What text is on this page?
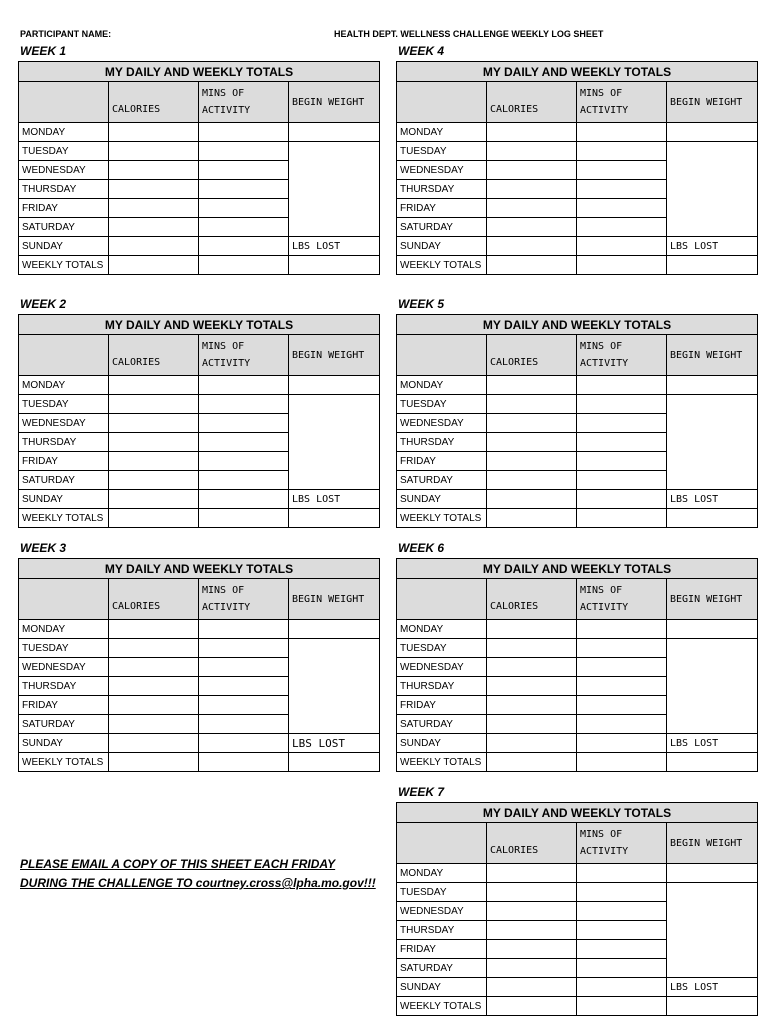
PARTICIPANT NAME:	HEALTH DEPT. WELLNESS CHALLENGE WEEKLY LOG SHEET
WEEK 1	WEEK 4
WEEK 2	WEEK 5
WEEK 3	WEEK 6
WEEK 7
MY DAILY AND WEEKLY TOTALS			
	CALORIES	MINS OF ACTIVITY	BEGIN WEIGHT
MONDAY			
TUESDAY			
WEDNESDAY			
THURSDAY			
FRIDAY			
SATURDAY			
SUNDAY			LBS LOST
WEEKLY TOTALS			
MY DAILY AND WEEKLY TOTALS			
	CALORIES	MINS OF ACTIVITY	BEGIN WEIGHT
MONDAY			
TUESDAY			
WEDNESDAY			
THURSDAY			
FRIDAY			
SATURDAY			
SUNDAY			LBS LOST
WEEKLY TOTALS			
MY DAILY AND WEEKLY TOTALS			
	CALORIES	MINS OF ACTIVITY	BEGIN WEIGHT
MONDAY			
TUESDAY			
WEDNESDAY			
THURSDAY			
FRIDAY			
SATURDAY			
SUNDAY			LBS LOST
WEEKLY TOTALS			
MY DAILY AND WEEKLY TOTALS			
	CALORIES	MINS OF ACTIVITY	BEGIN WEIGHT
MONDAY			
TUESDAY			
WEDNESDAY			
THURSDAY			
FRIDAY			
SATURDAY			
SUNDAY			LBS LOST
WEEKLY TOTALS			
MY DAILY AND WEEKLY TOTALS			
	CALORIES	MINS OF ACTIVITY	BEGIN WEIGHT
MONDAY			
TUESDAY			
WEDNESDAY			
THURSDAY			
FRIDAY			
SATURDAY			
SUNDAY			LBS LOST
WEEKLY TOTALS			
MY DAILY AND WEEKLY TOTALS			
	CALORIES	MINS OF ACTIVITY	BEGIN WEIGHT
MONDAY			
TUESDAY			
WEDNESDAY			
THURSDAY			
FRIDAY			
SATURDAY			
SUNDAY			LBS LOST
WEEKLY TOTALS			
MY DAILY AND WEEKLY TOTALS			
	CALORIES	MINS OF ACTIVITY	BEGIN WEIGHT
MONDAY			
TUESDAY			
WEDNESDAY			
THURSDAY			
FRIDAY			
SATURDAY			
SUNDAY			LBS LOST
WEEKLY TOTALS			
PLEASE EMAIL A COPY OF THIS SHEET EACH FRIDAY DURING THE CHALLENGE TO courtney.cross@lpha.mo.gov!!!
